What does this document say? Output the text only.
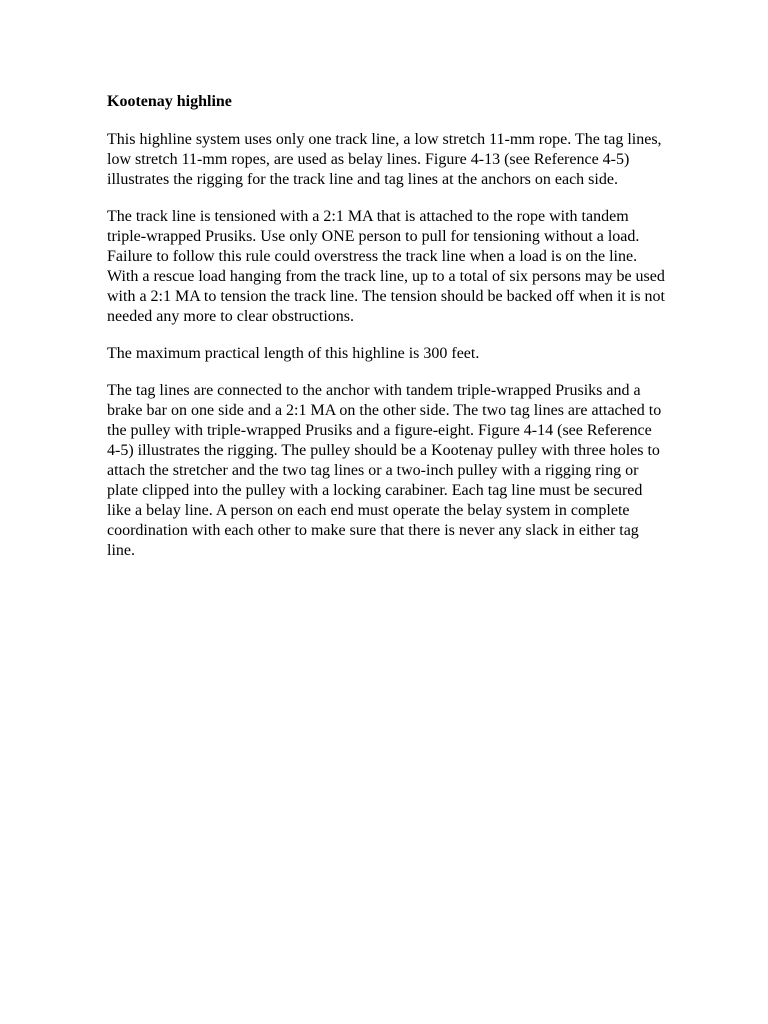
Kootenay highline

This highline system uses only one track line, a low stretch 11-mm rope. The tag lines, low stretch 11-mm ropes, are used as belay lines. Figure 4-13 (see Reference 4-5) illustrates the rigging for the track line and tag lines at the anchors on each side.

The track line is tensioned with a 2:1 MA that is attached to the rope with tandem triple-wrapped Prusiks. Use only ONE person to pull for tensioning without a load. Failure to follow this rule could overstress the track line when a load is on the line. With a rescue load hanging from the track line, up to a total of six persons may be used with a 2:1 MA to tension the track line. The tension should be backed off when it is not needed any more to clear obstructions.

The maximum practical length of this highline is 300 feet.

The tag lines are connected to the anchor with tandem triple-wrapped Prusiks and a brake bar on one side and a 2:1 MA on the other side. The two tag lines are attached to the pulley with triple-wrapped Prusiks and a figure-eight. Figure 4-14 (see Reference 4-5) illustrates the rigging. The pulley should be a Kootenay pulley with three holes to attach the stretcher and the two tag lines or a two-inch pulley with a rigging ring or plate clipped into the pulley with a locking carabiner. Each tag line must be secured like a belay line. A person on each end must operate the belay system in complete coordination with each other to make sure that there is never any slack in either tag line.
